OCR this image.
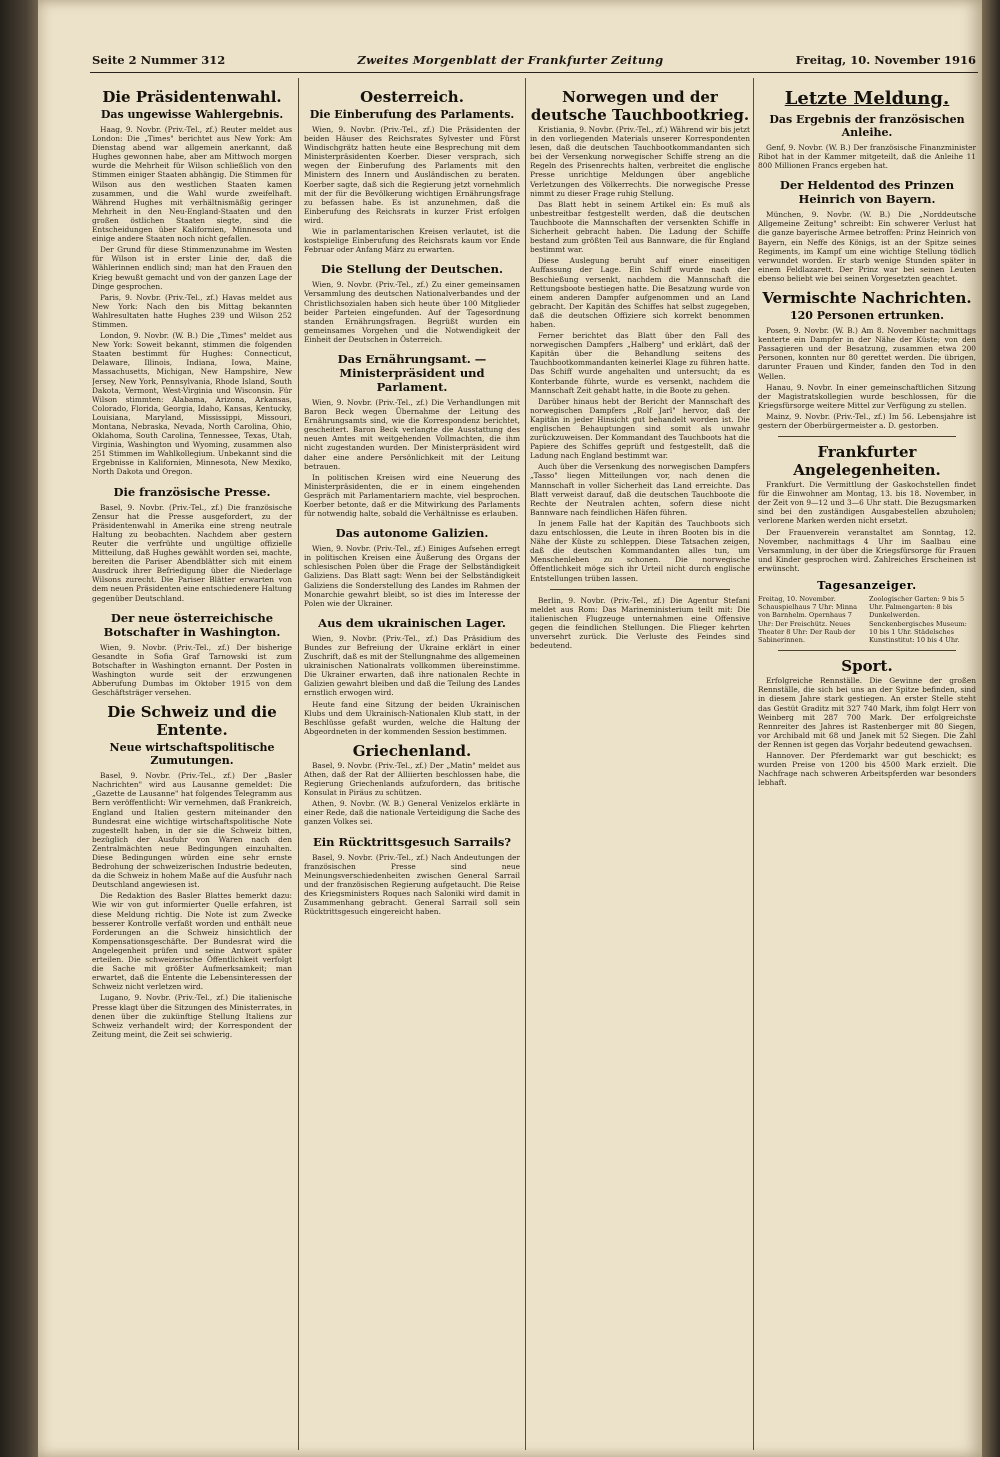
Seite 2 Nummer 312	Zweites Morgenblatt der Frankfurter Zeitung	Freitag, 10. November 1916
Die Präsidentenwahl.
Das ungewisse Wahlergebnis.

Haag, 9. Novbr. (Priv.-Tel., zf.) Reuter meldet aus London: Die „Times" berichtet aus New York: Am Dienstag abend war allgemein anerkannt, daß Hughes gewonnen habe, aber am Mittwoch morgen wurde die Mehrheit für Wilson schließlich von den Stimmen einiger Staaten abhängig. Die Stimmen für Wilson aus den westlichen Staaten kamen zusammen, und die Wahl wurde zweifelhaft. Während Hughes mit verhältnismäßig geringer Mehrheit in den Neu-England-Staaten und den großen östlichen Staaten siegte, sind die Entscheidungen über Kalifornien, Minnesota und einige andere Staaten noch nicht gefallen.

Der Grund für diese Stimmenzunahme im Westen für Wilson ist in erster Linie der, daß die Wählerinnen endlich sind; man hat den Frauen den Krieg bewußt gemacht und von der ganzen Lage der Dinge gesprochen.

Paris, 9. Novbr. (Priv.-Tel., zf.) Havas meldet aus New York: Nach den bis Mittag bekannten Wahlresultaten hatte Hughes 239 und Wilson 252 Stimmen.

London, 9. Novbr. (W. B.) Die „Times" meldet aus New York: Soweit bekannt, stimmen die folgenden Staaten bestimmt für Hughes: Connecticut, Delaware, Illinois, Indiana, Iowa, Maine, Massachusetts, Michigan, New Hampshire, New Jersey, New York, Pennsylvania, Rhode Island, South Dakota, Vermont, West-Virginia und Wisconsin. Für Wilson stimmten: Alabama, Arizona, Arkansas, Colorado, Florida, Georgia, Idaho, Kansas, Kentucky, Louisiana, Maryland, Mississippi, Missouri, Montana, Nebraska, Nevada, North Carolina, Ohio, Oklahoma, South Carolina, Tennessee, Texas, Utah, Virginia, Washington und Wyoming, zusammen also 251 Stimmen im Wahlkollegium. Unbekannt sind die Ergebnisse in Kalifornien, Minnesota, New Mexiko, North Dakota und Oregon.

Die französische Presse.

Basel, 9. Novbr. (Priv.-Tel., zf.) Die französische Zensur hat die Presse ausgefordert, zu der Präsidentenwahl in Amerika eine streng neutrale Haltung zu beobachten. Nachdem aber gestern Reuter die verfrühte und ungültige offizielle Mitteilung, daß Hughes gewählt worden sei, machte, bereiten die Pariser Abendblätter sich mit einem Ausdruck ihrer Befriedigung über die Niederlage Wilsons zurecht. Die Pariser Blätter erwarten von dem neuen Präsidenten eine entschiedenere Haltung gegenüber Deutschland.

Der neue österreichische Botschafter in Washington.

Wien, 9. Novbr. (Priv.-Tel., zf.) Der bisherige Gesandte in Sofia Graf Tarnowski ist zum Botschafter in Washington ernannt. Der Posten in Washington wurde seit der erzwungenen Abberufung Dumbas im Oktober 1915 von dem Geschäftsträger versehen.

Die Schweiz und die Entente.
Neue wirtschaftspolitische Zumutungen.

Basel, 9. Novbr. (Priv.-Tel., zf.) Der „Basler Nachrichten" wird aus Lausanne gemeldet: Die „Gazette de Lausanne" hat folgendes Telegramm aus Bern veröffentlicht: Wir vernehmen, daß Frankreich, England und Italien gestern miteinander den Bundesrat eine wichtige wirtschaftspolitische Note zugestellt haben, in der sie die Schweiz bitten, bezüglich der Ausfuhr von Waren nach den Zentralmächten neue Bedingungen einzuhalten. Diese Bedingungen würden eine sehr ernste Bedrohung der schweizerischen Industrie bedeuten, da die Schweiz in hohem Maße auf die Ausfuhr nach Deutschland angewiesen ist.

Die Redaktion des Basler Blattes bemerkt dazu: Wie wir von gut informierter Quelle erfahren, ist diese Meldung richtig. Die Note ist zum Zwecke besserer Kontrolle verfaßt worden und enthält neue Forderungen an die Schweiz hinsichtlich der Kompensationsgeschäfte. Der Bundesrat wird die Angelegenheit prüfen und seine Antwort später erteilen. Die schweizerische Öffentlichkeit verfolgt die Sache mit größter Aufmerksamkeit; man erwartet, daß die Entente die Lebensinteressen der Schweiz nicht verletzen wird.

Lugano, 9. Novbr. (Priv.-Tel., zf.) Die italienische Presse klagt über die Sitzungen des Ministerrates, in denen über die zukünftige Stellung Italiens zur Schweiz verhandelt wird; der Korrespondent der Zeitung meint, die Zeit sei schwierig.

Oesterreich.
Die Einberufung des Parlaments.

Wien, 9. Novbr. (Priv.-Tel., zf.) Die Präsidenten der beiden Häuser des Reichsrates Sylvester und Fürst Windischgrätz hatten heute eine Besprechung mit dem Ministerpräsidenten Koerber. Dieser versprach, sich wegen der Einberufung des Parlaments mit den Ministern des Innern und Ausländischen zu beraten. Koerber sagte, daß sich die Regierung jetzt vornehmlich mit der für die Bevölkerung wichtigen Ernährungsfrage zu befassen habe. Es ist anzunehmen, daß die Einberufung des Reichsrats in kurzer Frist erfolgen wird.

Wie in parlamentarischen Kreisen verlautet, ist die kostspielige Einberufung des Reichsrats kaum vor Ende Februar oder Anfang März zu erwarten.

Die Stellung der Deutschen.

Wien, 9. Novbr. (Priv.-Tel., zf.) Zu einer gemeinsamen Versammlung des deutschen Nationalverbandes und der Christlichsozialen haben sich heute über 100 Mitglieder beider Parteien eingefunden. Auf der Tagesordnung standen Ernährungsfragen. Begrüßt wurden ein gemeinsames Vorgehen und die Notwendigkeit der Einheit der Deutschen in Österreich.

Das Ernährungsamt. — Ministerpräsident und Parlament.

Wien, 9. Novbr. (Priv.-Tel., zf.) Die Verhandlungen mit Baron Beck wegen Übernahme der Leitung des Ernährungsamts sind, wie die Korrespondenz berichtet, gescheitert. Baron Beck verlangte die Ausstattung des neuen Amtes mit weitgehenden Vollmachten, die ihm nicht zugestanden wurden. Der Ministerpräsident wird daher eine andere Persönlichkeit mit der Leitung betrauen.

In politischen Kreisen wird eine Neuerung des Ministerpräsidenten, die er in einem eingehenden Gespräch mit Parlamentariern machte, viel besprochen. Koerber betonte, daß er die Mitwirkung des Parlaments für notwendig halte, sobald die Verhältnisse es erlauben.

Das autonome Galizien.

Wien, 9. Novbr. (Priv.-Tel., zf.) Einiges Aufsehen erregt in politischen Kreisen eine Äußerung des Organs der schlesischen Polen über die Frage der Selbständigkeit Galiziens. Das Blatt sagt: Wenn bei der Selbständigkeit Galiziens die Sonderstellung des Landes im Rahmen der Monarchie gewahrt bleibt, so ist dies im Interesse der Polen wie der Ukrainer.

Aus dem ukrainischen Lager.

Wien, 9. Novbr. (Priv.-Tel., zf.) Das Präsidium des Bundes zur Befreiung der Ukraine erklärt in einer Zuschrift, daß es mit der Stellungnahme des allgemeinen ukrainischen Nationalrats vollkommen übereinstimme. Die Ukrainer erwarten, daß ihre nationalen Rechte in Galizien gewahrt bleiben und daß die Teilung des Landes ernstlich erwogen wird.

Heute fand eine Sitzung der beiden Ukrainischen Klubs und dem Ukrainisch-Nationalen Klub statt, in der Beschlüsse gefaßt wurden, welche die Haltung der Abgeordneten in der kommenden Session bestimmen.

Griechenland.

Basel, 9. Novbr. (Priv.-Tel., zf.) Der „Matin" meldet aus Athen, daß der Rat der Alliierten beschlossen habe, die Regierung Griechenlands aufzufordern, das britische Konsulat in Piräus zu schützen.

Athen, 9. Novbr. (W. B.) General Venizelos erklärte in einer Rede, daß die nationale Verteidigung die Sache des ganzen Volkes sei.

Ein Rücktrittsgesuch Sarrails?

Basel, 9. Novbr. (Priv.-Tel., zf.) Nach Andeutungen der französischen Presse sind neue Meinungsverschiedenheiten zwischen General Sarrail und der französischen Regierung aufgetaucht. Die Reise des Kriegsministers Roques nach Saloniki wird damit in Zusammenhang gebracht. General Sarrail soll sein Rücktrittsgesuch eingereicht haben.

Norwegen und der deutsche Tauchbootkrieg.

Kristiania, 9. Novbr. (Priv.-Tel., zf.) Während wir bis jetzt in den vorliegenden Materials unserer Korrespondenten lesen, daß die deutschen Tauchbootkommandanten sich bei der Versenkung norwegischer Schiffe streng an die Regeln des Prisenrechts halten, verbreitet die englische Presse unrichtige Meldungen über angebliche Verletzungen des Völkerrechts. Die norwegische Presse nimmt zu dieser Frage ruhig Stellung.

Das Blatt hebt in seinem Artikel ein: Es muß als unbestreitbar festgestellt werden, daß die deutschen Tauchboote die Mannschaften der versenkten Schiffe in Sicherheit gebracht haben. Die Ladung der Schiffe bestand zum größten Teil aus Bannware, die für England bestimmt war.

Diese Auslegung beruht auf einer einseitigen Auffassung der Lage. Ein Schiff wurde nach der Beschießung versenkt, nachdem die Mannschaft die Rettungsboote bestiegen hatte. Die Besatzung wurde von einem anderen Dampfer aufgenommen und an Land gebracht. Der Kapitän des Schiffes hat selbst zugegeben, daß die deutschen Offiziere sich korrekt benommen haben.

Ferner berichtet das Blatt über den Fall des norwegischen Dampfers „Halberg" und erklärt, daß der Kapitän über die Behandlung seitens des Tauchbootkommandanten keinerlei Klage zu führen hatte. Das Schiff wurde angehalten und untersucht; da es Konterbande führte, wurde es versenkt, nachdem die Mannschaft Zeit gehabt hatte, in die Boote zu gehen.

Darüber hinaus hebt der Bericht der Mannschaft des norwegischen Dampfers „Rolf Jarl" hervor, daß der Kapitän in jeder Hinsicht gut behandelt worden ist. Die englischen Behauptungen sind somit als unwahr zurückzuweisen. Der Kommandant des Tauchboots hat die Papiere des Schiffes geprüft und festgestellt, daß die Ladung nach England bestimmt war.

Auch über die Versenkung des norwegischen Dampfers „Tasso" liegen Mitteilungen vor, nach denen die Mannschaft in voller Sicherheit das Land erreichte. Das Blatt verweist darauf, daß die deutschen Tauchboote die Rechte der Neutralen achten, sofern diese nicht Bannware nach feindlichen Häfen führen.

In jenem Falle hat der Kapitän des Tauchboots sich dazu entschlossen, die Leute in ihren Booten bis in die Nähe der Küste zu schleppen. Diese Tatsachen zeigen, daß die deutschen Kommandanten alles tun, um Menschenleben zu schonen. Die norwegische Öffentlichkeit möge sich ihr Urteil nicht durch englische Entstellungen trüben lassen.

Berlin, 9. Novbr. (Priv.-Tel., zf.) Die Agentur Stefani meldet aus Rom: Das Marineministerium teilt mit: Die italienischen Flugzeuge unternahmen eine Offensive gegen die feindlichen Stellungen. Die Flieger kehrten unversehrt zurück. Die Verluste des Feindes sind bedeutend.

Letzte Meldung.
Das Ergebnis der französischen Anleihe.

Genf, 9. Novbr. (W. B.) Der französische Finanzminister Ribot hat in der Kammer mitgeteilt, daß die Anleihe 11 800 Millionen Francs ergeben hat.

Der Heldentod des Prinzen Heinrich von Bayern.

München, 9. Novbr. (W. B.) Die „Norddeutsche Allgemeine Zeitung" schreibt: Ein schwerer Verlust hat die ganze bayerische Armee betroffen: Prinz Heinrich von Bayern, ein Neffe des Königs, ist an der Spitze seines Regiments, im Kampf um eine wichtige Stellung tödlich verwundet worden. Er starb wenige Stunden später in einem Feldlazarett. Der Prinz war bei seinen Leuten ebenso beliebt wie bei seinen Vorgesetzten geachtet.

Vermischte Nachrichten.
120 Personen ertrunken.

Posen, 9. Novbr. (W. B.) Am 8. November nachmittags kenterte ein Dampfer in der Nähe der Küste; von den Passagieren und der Besatzung, zusammen etwa 200 Personen, konnten nur 80 gerettet werden. Die übrigen, darunter Frauen und Kinder, fanden den Tod in den Wellen.

Hanau, 9. Novbr. In einer gemeinschaftlichen Sitzung der Magistratskollegien wurde beschlossen, für die Kriegsfürsorge weitere Mittel zur Verfügung zu stellen.

Mainz, 9. Novbr. (Priv.-Tel., zf.) Im 56. Lebensjahre ist gestern der Oberbürgermeister a. D. gestorben.

Frankfurter Angelegenheiten.

Frankfurt. Die Vermittlung der Gaskochstellen findet für die Einwohner am Montag, 13. bis 18. November, in der Zeit von 9—12 und 3—6 Uhr statt. Die Bezugsmarken sind bei den zuständigen Ausgabestellen abzuholen; verlorene Marken werden nicht ersetzt.

Der Frauenverein veranstaltet am Sonntag, 12. November, nachmittags 4 Uhr im Saalbau eine Versammlung, in der über die Kriegsfürsorge für Frauen und Kinder gesprochen wird. Zahlreiches Erscheinen ist erwünscht.

Tagesanzeiger.
Freitag, 10. November. Schauspielhaus 7 Uhr: Minna von Barnhelm. Opernhaus 7 Uhr: Der Freischütz. Neues Theater 8 Uhr: Der Raub der Sabinerinnen.
Zoologischer Garten: 9 bis 5 Uhr. Palmengarten: 8 bis Dunkelwerden. Senckenbergisches Museum: 10 bis 1 Uhr. Städelsches Kunstinstitut: 10 bis 4 Uhr.
Sport.

Erfolgreiche Rennställe. Die Gewinne der großen Rennställe, die sich bei uns an der Spitze befinden, sind in diesem Jahre stark gestiegen. An erster Stelle steht das Gestüt Graditz mit 327 740 Mark, ihm folgt Herr von Weinberg mit 287 700 Mark. Der erfolgreichste Rennreiter des Jahres ist Rastenberger mit 80 Siegen, vor Archibald mit 68 und Janek mit 52 Siegen. Die Zahl der Rennen ist gegen das Vorjahr bedeutend gewachsen.

Hannover. Der Pferdemarkt war gut beschickt; es wurden Preise von 1200 bis 4500 Mark erzielt. Die Nachfrage nach schweren Arbeitspferden war besonders lebhaft.
